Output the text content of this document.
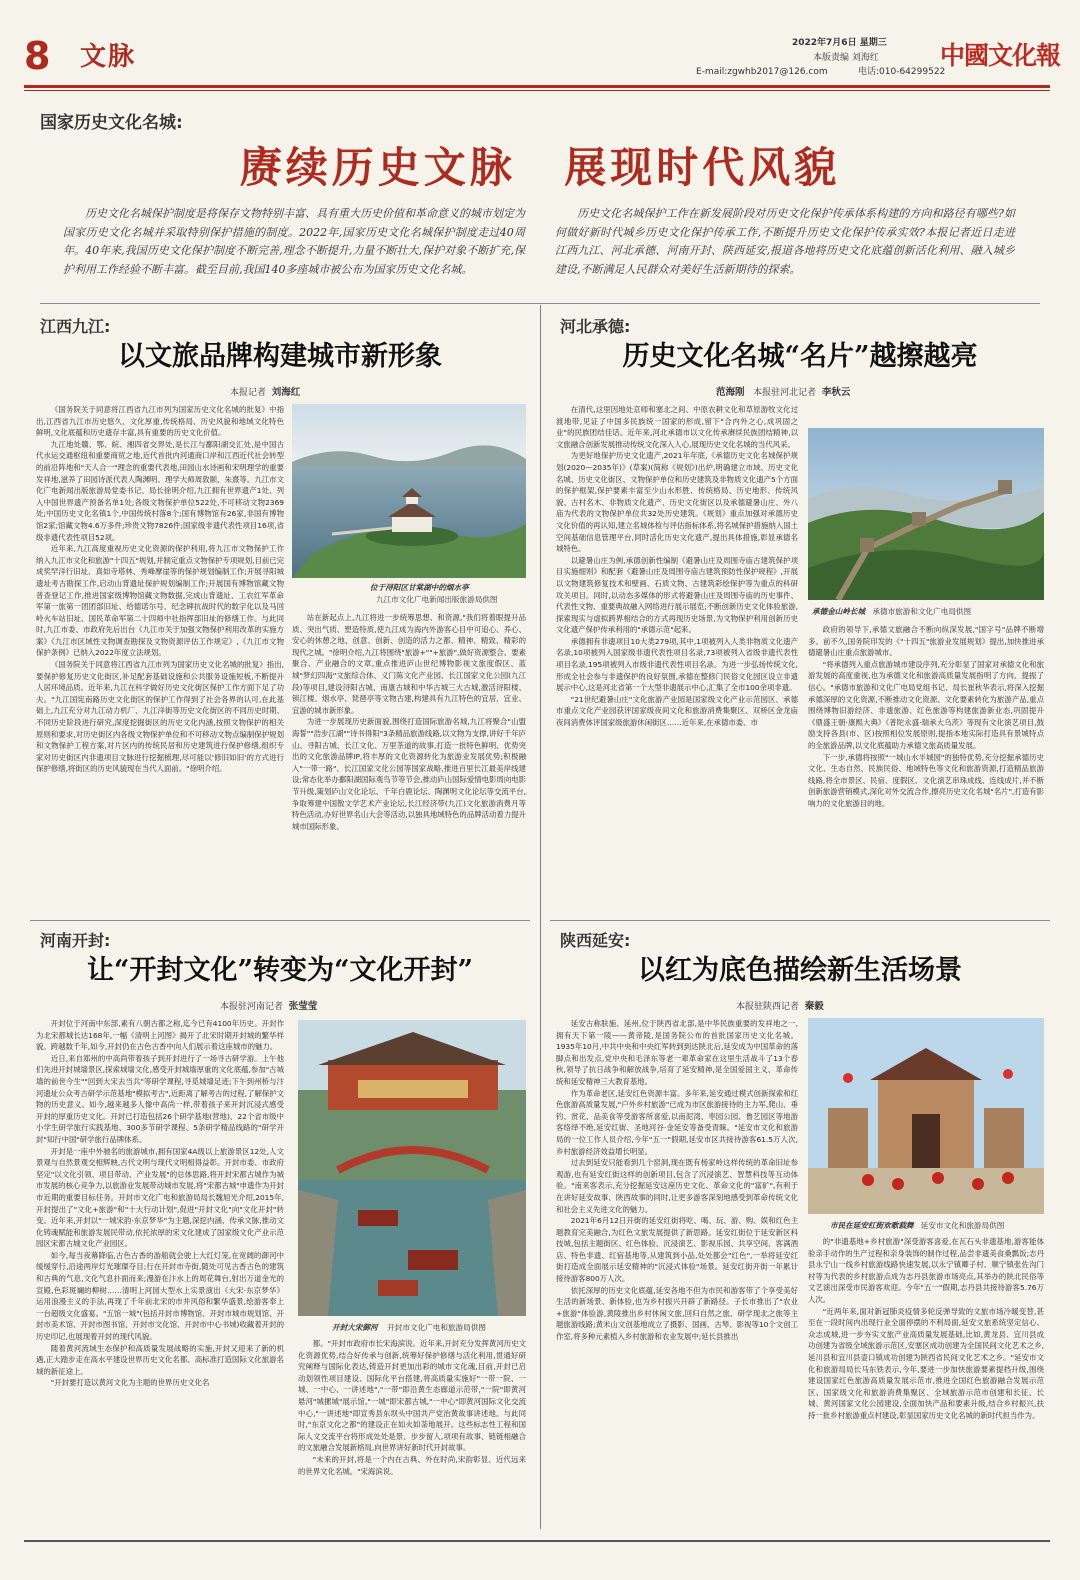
8	文脉	2022年7月6日 星期三
本版责编 刘海红
E-mail:zgwhb2017@126.com	电话:010-64299522
中國文化報
国家历史文化名城:
赓续历史文脉 展现时代风貌
历史文化名城保护制度是将保存文物特别丰富、具有重大历史价值和革命意义的城市划定为国家历史文化名城并采取特别保护措施的制度。2022年,国家历史文化名城保护制度走过40周年。40年来,我国历史文化保护制度不断完善,理念不断提升,力量不断壮大,保护对象不断扩充,保护利用工作经验不断丰富。截至目前,我国140多座城市被公布为国家历史文化名城。
历史文化名城保护工作在新发展阶段对历史文化保护传承体系构建的方向和路径有哪些?如何做好新时代城乡历史文化保护传承工作,不断提升历史文化保护传承实效?本报记者近日走进江西九江、河北承德、河南开封、陕西延安,报道各地将历史文化底蕴创新活化利用、融入城乡建设,不断满足人民群众对美好生活新期待的探索。
江西九江:
以文旅品牌构建城市新形象
本报记者 刘海红

《国务院关于同意将江西省九江市列为国家历史文化名城的批复》中指出,江西省九江市历史悠久、文化厚重,传统格局、历史风貌和地域文化特色鲜明,文化底蕴和历史遗存丰富,具有重要的历史文化价值。

九江地处赣、鄂、皖、湘四省交界处,是长江与鄱阳湖交汇处,是中国古代水运交通枢纽和重要商贸之地,近代首批内河通商口岸和江西近代社会转型的前沿阵地和"天人合一"理念的重要代表地,田园山水诗画和宋明理学的重要发祥地,滋养了田园诗派代表人陶渊明、理学大师周敦颐、朱熹等。九江市文化广电新闻出版旅游局党委书记、局长徐明介绍,九江拥有世界遗产1处、列入中国世界遗产预备名单1处;各级文物保护单位522处,不可移动文物2369处;中国历史文化名镇1个,中国传统村落8个;国有博物馆有26家,非国有博物馆2家;馆藏文物4.6万多件;珍贵文物7826件;国家级非遗代表性项目16项,省级非遗代表性项目52项。

近年来,九江高度重视历史文化资源的保护利用,将九江市文物保护工作纳入九江市文化和旅游"十四五"规划,并制定重点文物保护专项规划,目前已完成奖罕洋行旧址、真如寺塔林、秀峰摩崖等的保护规划编制工作;开展寻阳城遗址考古勘探工作,启动山背遗址保护规划编制工作;开展国有博物馆藏文物普查登记工作,推进国家级博物馆藏文物数据,完成山背遗址、工农红军革命军第一旅第一团团部旧址、给德诺尔号、纪念碑抗战时代的数字化以及马回岭火车站旧址、国民革命军第二十四师中社指挥部旧址的修缮工作。与此同时,九江市委、市政府先后出台《九江市关于加强文物保护利用改革的实施方案》《九江市区域性文物调查勘探及文物资源评估工作规定》,《九江市文物保护条例》已纳入2022年度立法规划。

《国务院关于同意将江西省九江市列为国家历史文化名城的批复》指出,要保护修复历史文化街区,补足配套基础设施和公共服务设施短板,不断提升人居环境品质。近年来,九江在科学做好历史文化街区保护工作方面下足了功夫。"九江国宪南路历史文化街区的保护工作得到了社会各界的认可,在此基础上,九江充分对九江动力机厂、九江洋街等历史文化街区的不同历史时期、不同历史阶段进行研究,深度挖掘街区的历史文化内涵,按照文物保护的相关原则和要求,对历史街区内各级文物保护单位和不可移动文物点编制保护规划和文物保护工程方案,对片区内的传统民居和历史建筑进行保护修缮,组织专家对历史街区内非遗项目文脉进行挖掘梳理,尽可能以'修旧如旧'的方式进行保护修缮,将街区的历史风貌现在当代人面前。"徐明介绍。

位于浔阳区甘棠湖中的烟水亭
九江市文化广电新闻出版旅游局供图

站在新起点上,九江将进一步统筹思想、和资源,"我们将着眼提升品质、突出气质、塑造特质,使九江成为海内外游客心目中可追心、养心、安心的休憩之地、创意、创新、创造的活力之都、精神、精致、精彩的现代之城。"徐明介绍,九江将围绕"旅游+""+旅游",做好资源整合、要素聚合、产业融合的文章,重点推进庐山世纪博物影视文旅度假区、蓝城"梦幻四海"文旅综合体、义门陈文化产业园、长江国家文化公园(九江段)等项目,建设浔阳古城、南康古城和中华古城三大古城,激活浔阳楼、锁江楼、烟水亭、琵琶亭等文物古建,构建具有九江特色的宜居、宜业、宜游的城市新形象。

为进一步展现历史新面貌,围绕打造国际旅游名城,九江将聚合"山盟海誓""浩步江湖""诗书得阳"3条精品旅游线路,以文物为支撑,讲好千年庐山、寻阳古城、长江文化、万里茶道的故事,打造一批特色鲜明、优势突出的文化旅游品牌IP,将丰厚的文化资源转化为旅游业发展优势;积极融入"一带一路"、长江国家文化公园等国家战略,推进百里长江最美岸线建设;常态化举办鄱阳湖国际观鸟节等节会,推动庐山国际爱情电影周向电影节升级,策划庐山文化论坛、千年白鹿论坛、陶渊明文化论坛等交流平台,争取筹建中国散文学艺术产业论坛,长江经济带(九江)文化旅游消费月等特色活动,办好世界名山大会等活动,以独具地域特色的品牌活动着力提升城市国际形象。

河北承德:
历史文化名城“名片”越擦越亮
范海刚 本报驻河北记者 李秋云

在清代,这里因地处京师和塞北之间、中原农耕文化和草原游牧文化过渡地带,见证了中国多民族统一国家的形成,留下"合内外之心,成巩固之业"的民族团结佳话。近年来,河北承德市以文化传承赓续民族团结精神,以文旅融合创新发展推动传统文化深入人心,展现历史文化名城的当代风采。

为更好地保护历史文化遗产,2021年年底,《承德历史文化名城保护规划(2020—2035年)》(草案)(简称《规划》)出炉,明确建立市域、历史文化名城、历史文化街区、文物保护单位和历史建筑及非物质文化遗产5个方面的保护框架,保护要素丰富至少山水形胜、传统格局、历史地形、传统风貌、古村名木、非物质文化遗产、历史文化街区以及承德避暑山庄、外八庙为代表的文物保护单位共32处历史建筑。《规划》重点加强对承德历史文化价值的再认知,建立名城体检与评估指标体系,将名城保护措施纳入国土空间基础信息管理平台,同时活化历史文化遗产,提出具体措施,彰显承德名城特色。

以避暑山庄为例,承德创新性编制《避暑山庄及周围寺庙古建筑保护项目实施细则》和配套《避暑山庄及周围寺庙古建筑预防性保护规程》,开展以文物建筑修复技术和壁画、石质文物、古建筑彩绘保护等为重点的科研攻关项目。同时,以动态多媒体的形式将避暑山庄及周围寺庙的历史事件、代表性文物、重要典故融入网络进行展示展览;不断创新历史文化体验旅游,探索现实与虚拟跨界相结合的方式再现历史场景,为文物保护利用创新历史文化遗产保护传承利用的"承德示范"起来。

承德拥有非遗项目10大类279项,其中,1项被列入人类非物质文化遗产名录,10项被列入国家级非遗代表性项目名录,73项被列入省级非遗代表性项目名录,195项被列入市级非遗代表性项目名录。为进一步弘扬传统文化,形成全社会参与非遗保护的良好氛围,承德在整修门民俗文化园区设立非遗展示中心,这是河北省第一个大型非遗展示中心,汇集了全市100余项非遗。

"21世纪避暑山庄"文化旅游产业园是国家级文化产业示范园区、承德市重点文化产业园获评国家级夜间文化和旅游消费集聚区、双桥区金龙庙夜间消费体评国家级旅游休闲街区……近年来,在承德市委、市

承德金山岭长城 承德市旅游和文化广电局供图

政府的领导下,承德文旅融合不断向纵深发展,"国字号"品牌不断增多。前不久,国务院印发的《"十四五"旅游业发展规划》提出,加快推进承德避暑山庄重点旅游城市。

"将承德列入重点旅游城市建设序列,充分彰显了国家对承德文化和旅游发展的高度重视,也为承德文化和旅游高质量发展指明了方向、提振了信心。"承德市旅游和文化广电局党组书记、局长崔秋华表示,将深入挖掘承德深厚的文化资源,不断推动文化资源、文化要素转化为旅游产品,重点围绕博物旧游经济、非遗旅游、红色旅游等构建旅游新业态,巩固提升《鼎盛王朝·康熙大典》《普陀永盛·瑞承大乌茨》等现有文化演艺项目,鼓励支持各县(市、区)按照相位发展原则,提指本地实际打造具有景城特点的全旅游品牌,以文化底蕴助力承德文旅高质量发展。

下一步,承德将按照"一城山水半城园"的独特优势,充分挖掘承德历史文化、生态自然、民族民俗、地域特色等文化和旅游资源,打造精品旅游线路,将全市景区、民宿、度假区、文化演艺串珠成线、连线成片,并不断创新旅游营销模式,深化对外交流合作,擦亮历史文化名城"名片",打造有影响力的文化旅游目的地。

河南开封:
让“开封文化”转变为“文化开封”
本报驻河南记者 张莹莹

开封位于河南中东部,素有八朝古都之称,迄今已有4100年历史。开封作为北宋都城长达168年,一幅《清明上河图》揭开了北宋时期开封城的繁华样貌。跨越数千年,如今,开封仍在古色古香中向人们展示着这座城市的魅力。

近日,来自郑州的中高尚带着孩子到开封进行了一场寻古研学游。上午他们先进开封城墙景区,探索城墙文化,感受开封城墙厚重的文化底蕴,参加"古城墙的前世今生""回到大宋去当兵"等研学课程,寻觅城墙足迹;下午到州桥与汴河遗址公众考古研学示范基地"模拟考古",近距离了解考古的过程,了解保护文物的历史意义。如今,越来越多人像中高尚一样,带着孩子来开封沉浸式感受开封的厚重历史文化。开封已打造包括26个研学基地(营地)、22个省市级中小学生研学旅行实践基地、300多节研学课程、5条研学精品线路的"研学开封"知行中国"研学旅行品牌体系。

开封是一座中外驰名的旅游城市,拥有国家4A级以上旅游景区12处,人文景观与自然景观交相辉映,古代文明与现代文明相得益彰。开封市委、市政府坚定"以文化引领、项目带动、产业发展"的总体思路,将开封宋都古城作为城市发展的核心竞争力,以旅游业发展带动城市发展,将"宋都古城"申遗作为开封市近期的重要目标任务。开封市文化广电和旅游局局长魏旭光介绍,2015年,开封提出了"文化+旅游"和"十大行动计划",促进"开封文化"向"文化开封"转变。近年来,开封以"一城宋韵·东京梦华"为主题,深挖内涵、传承文脉,推动文化铸魂赋能和旅游发展民带动,依托浓厚的宋文化建成了国家级文化产业示范园区宋都古城文化产业园区。

如今,每当夜幕降临,古色古香的游船就会驶上大红灯笼,在宽阔的御河中缓缓穿行,沿途两岸灯光璀璨夺目;行在开封市寺街,随处可见古香古色的建筑和古典的气息,文化气息扑面而来;漫游在汴水上的周花舞台,射出万道金光的宣殿,色彩斑斓的柳树……清明上河园大型水上实景演出《大宋·东京梦华》运用浪漫主义的手法,再现了千年前北宋的市井风俗和繁华盛景,绘游客奉上一台超级文化盛宴。"五馆一城"(包括开封市博物馆、开封市城市规划馆、开封市美术馆、开封市图书馆、开封市文化馆、开封市中心书城)收藏着开封的历史印记,也展现着开封的现代风貌。

随着黄河流域生态保护和高质量发展战略的实施,开封又迎来了新的机遇,正大踏步走在高水平建设世界历史文化名都、高标准打造国际文化旅游名城的新征途上。

"开封要打造以黄河文化为主题的世界历史文化名

开封大宋御河 开封市文化广电和旅游局供图

都。"开封市政府市长宋海滨说。近年来,开封充分发挥黄河历史文化资源优势,结合好传承与创新,统筹好保护修缮与活化利用,贯通好研究阐释与国际化表达,铸造开封更加出彩的城市文化魂,目前,开封已启动划领性项目建设、国际化平台搭建,将高质量实施好"一带一院、一城、一中心、一讲述地","一带"即沿黄生态廊道示范带,"一院"即黄河悬河"城摞城"展示馆,"一城"即宋都古城,"一中心"即黄河国际文化交流中心,"一讲述地"即宣秀县东坝头中国共产党治黄故事讲述地。与此同时,"东京文化之都"的建设正在如火如荼地展开。这些标志性工程和国际人文交流平台将形成处处是景、步步留人,项项有故事、链链相融合的文旅融合发展新格局,向世界讲好新时代开封故事。

"未来的开封,将是一个内在古典、外在时尚,宋韵彰显、近代远来的世界文化名城。"宋海滨说。

陕西延安:
以红为底色描绘新生活场景
本报驻陕西记者 秦毅

延安古称肤施、延州,位于陕西省北部,是中华民族重要的发祥地之一,拥有天下第一陵——黄帝陵,是国务院公布的首批国家历史文化名城。1935年10月,中共中央和中央红军转到到达陕北后,延安成为中国革命的落脚点和出发点,党中央和毛泽东等老一辈革命家在这里生活战斗了13个春秋,领导了抗日战争和解放战争,培育了延安精神,是全国爱国主义、革命传统和延安精神三大教育基地。

作为革命老区,延安红色资源丰富。多年来,延安通过模式创新探索和红色旅游高质量发展,"户外乡村旅游"已成为市区旅游接待的主力军,爬山、垂钓、赏花、品美食等受游客所喜爱,以南泥湾、枣园公园、鲁艺园区等地游客络绎不绝,延安红街、圣地河谷·金延安等备受青睐。"延安市文化和旅游局的一位工作人员介绍,今年"五一"假期,延安市区共接待游客61.5万人次,乡村旅游经济效益增长明显。

过去到延安只能看到几个窑洞,现在既有杨家岭这样传统的革命旧址参观游,也有延安红街这样的创新项目,包含了沉浸演艺、智慧科技等互动体验。"南来客表示,充分挖掘延安这座历史文化、革命文化的"富矿",有利于在讲好延安故事、陕西故事的同时,让更多游客深刻地感受到革命传统文化和社会主义先进文化的魅力。

2021年6月12日开街的延安红街将吃、喝、玩、游、购、娱和红色主题教育完美融合,为红色文旅发展提供了新思路。延安红街位于延安新区科技城,包括主题街区、红色体验、沉浸演艺、影视乐园、共享空间、客满酒店、特色非遗、红宿基地等,从建筑到小品,处处都会"红色",一举将延安红街打造成全面展示延安精神的"沉浸式体验"场景。延安红街开街一年累计接待游客800万人次。

依托深厚的历史文化底蕴,延安各地不但为市民和游客带了个享受美好生活的新场景、新体验,也为乡村振兴开辟了新路径。子长市推出了"农业+旅游"体验游,黄陵推出乡村休闲文旅,回归自然之旅、研学现北之旅等主题旅游线路;黄米山文创基地成立了摄影、国画、古琴、影视等10个文创工作室,将多种元素植入乡村旅游和农业发展中;延长县推出

市民在延安红街欢歌载舞 延安市文化和旅游局供图

的"非遗基地+乡村旅游"深受游客喜爱,在瓦石头非遗基地,游客能体验亲手动作的生产过程和亲身装饰的制作过程,品尝非遗美食桑瓢饭;志丹县永宁山一线乡村旅游线路快速发展,以永宁镇卿子村、顺宁镇张佐沟门村等为代表的乡村旅游点成为志丹县旅游市场亮点,其举办的陕北民俗等文艺演出深受市民游客欢迎。今年"五一"假期,志丹县共接待游客5.76万人次。

"近两年来,面对新冠肺炎疫情多轮反弹导致的文旅市场冷暖变替,甚至在一段时间内出现行业全面停摆的不利局面,延安文旅系统坚定信心、众志成城,进一步夯实文旅产业高质量发展基础,比如,黄龙县、宜川县成功创建为省级全域旅游示范区,安塞区成功创建为全国民间文化艺术之乡,延川县和宜川县壶口镇成功创建为陕西省民间文化艺术之乡。"延安市文化和旅游局局长马东铁表示,今年,要进一步加快旅游要素提档升级,围绕建设国家红色旅游高质量发展示范市,推进全国红色旅游融合发展示范区、国家级文化和旅游消费集聚区、全域旅游示范市创建和长征、长城、黄河国家文化公园建设,全面加快产品和要素升级,结合乡村振兴,扶持一批乡村旅游重点村建设,彰显国家历史文化名城的新时代担当作为。
